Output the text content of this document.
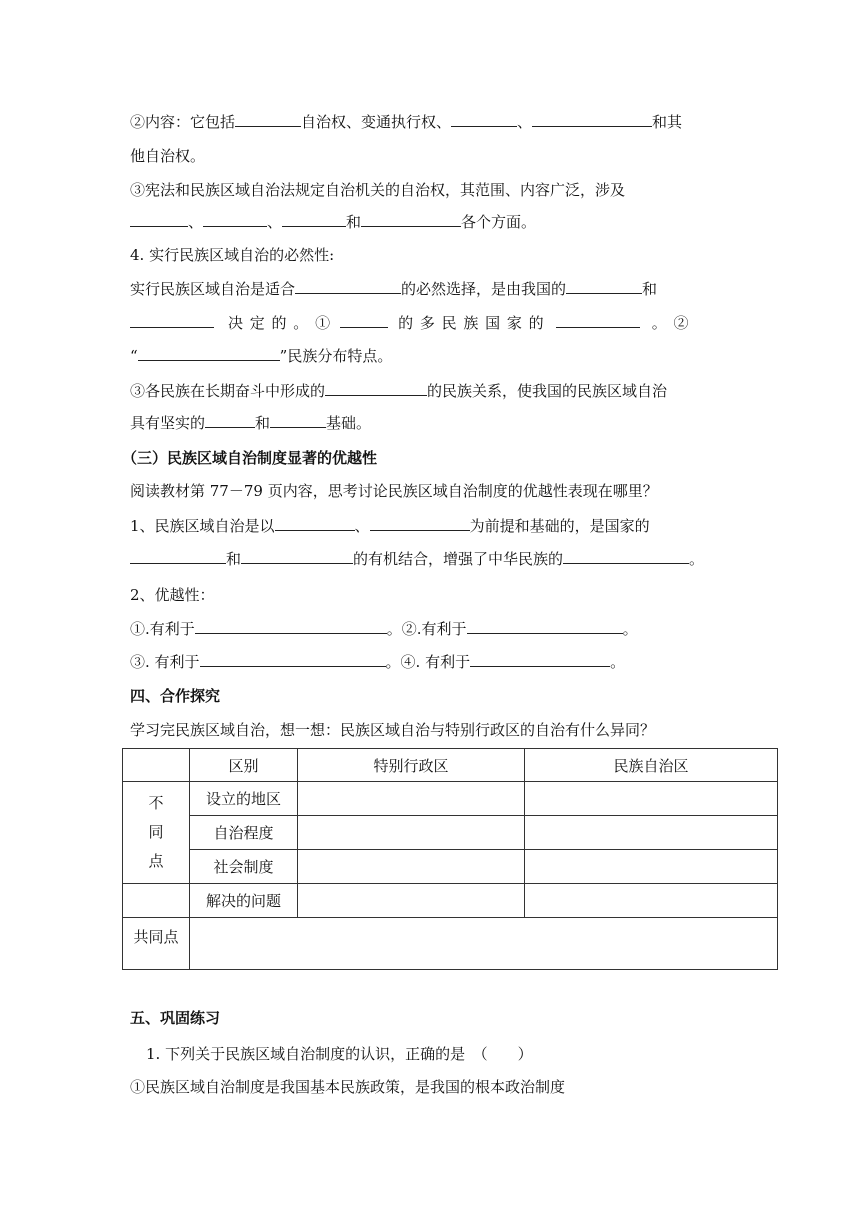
②内容：它包括	自治权、变通执行权、	、	和其
他自治权。
③宪法和民族区域自治法规定自治机关的自治权，其范围、内容广泛，涉及
、	、	和	各个方面。
4. 实行民族区域自治的必然性:
实行民族区域自治是适合	的必然选择，是由我国的	和
决 定 的 。 ①	的 多 民 族 国 家 的	。 ②
“	”民族分布特点。
③各民族在长期奋斗中形成的	的民族关系，使我国的民族区域自治
具有坚实的	和	基础。
（三）民族区域自治制度显著的优越性
阅读教材第 77－79 页内容，思考讨论民族区域自治制度的优越性表现在哪里？
1、民族区域自治是以	、	为前提和基础的，是国家的
和	的有机结合，增强了中华民族的	。
2、优越性：
①.有利于	。②.有利于	。
③. 有利于	。④. 有利于	。
四、合作探究
学习完民族区域自治，想一想：民族区域自治与特别行政区的自治有什么异同？
	区别	特别行政区	民族自治区

不
同
点	设立的地区		
	自治程度		
	社会制度		
	解决的问题		
共同点			
五、巩固练习
1. 下列关于民族区域自治制度的认识，正确的是　（　　）
①民族区域自治制度是我国基本民族政策，是我国的根本政治制度
